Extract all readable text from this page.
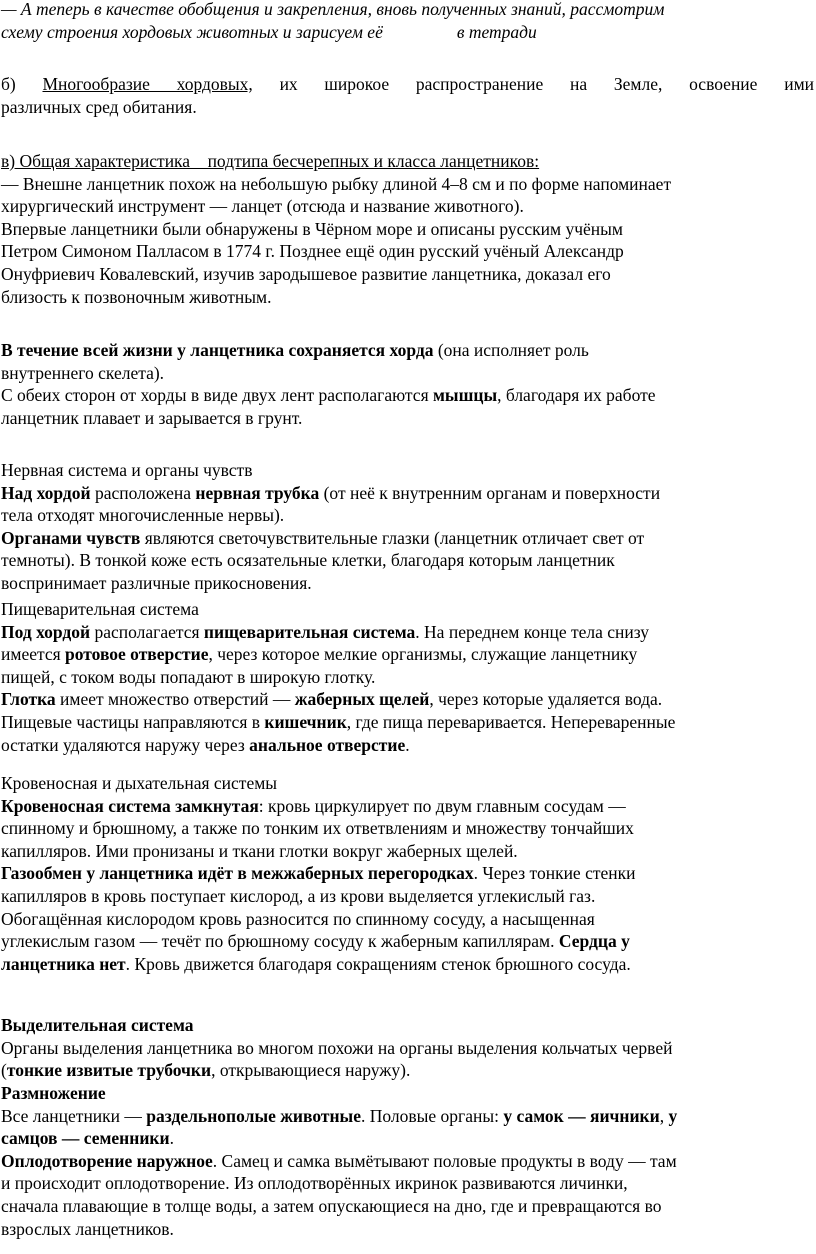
— А теперь в качестве обобщения и закрепления, вновь полученных знаний, рассмотрим
схему строения хордовых животных и зарисуем её	в тетради
б) Многообразие хордовых, их широкое распространение на Земле, освоение ими
различных сред обитания.
в) Общая характеристика    подтипа бесчерепных и класса ланцетников:
— Внешне ланцетник похож на небольшую рыбку длиной 4–8 см и по форме напоминает
хирургический инструмент — ланцет (отсюда и название животного).
Впервые ланцетники были обнаружены в Чёрном море и описаны русским учёным
Петром Симоном Палласом в 1774 г. Позднее ещё один русский учёный Александр
Онуфриевич Ковалевский, изучив зародышевое развитие ланцетника, доказал его
близость к позвоночным животным.
В течение всей жизни у ланцетника сохраняется хорда (она исполняет роль
внутреннего скелета).
С обеих сторон от хорды в виде двух лент располагаются мышцы, благодаря их работе
ланцетник плавает и зарывается в грунт.
Нервная система и органы чувств
Над хордой расположена нервная трубка (от неё к внутренним органам и поверхности
тела отходят многочисленные нервы).
Органами чувств являются светочувствительные глазки (ланцетник отличает свет от
темноты). В тонкой коже есть осязательные клетки, благодаря которым ланцетник
воспринимает различные прикосновения.
Пищеварительная система
Под хордой располагается пищеварительная система. На переднем конце тела снизу
имеется ротовое отверстие, через которое мелкие организмы, служащие ланцетнику
пищей, с током воды попадают в широкую глотку.
Глотка имеет множество отверстий — жаберных щелей, через которые удаляется вода.
Пищевые частицы направляются в кишечник, где пища переваривается. Непереваренные
остатки удаляются наружу через анальное отверстие.
Кровеносная и дыхательная системы
Кровеносная система замкнутая: кровь циркулирует по двум главным сосудам —
спинному и брюшному, а также по тонким их ответвлениям и множеству тончайших
капилляров. Ими пронизаны и ткани глотки вокруг жаберных щелей.
Газообмен у ланцетника идёт в межжаберных перегородках. Через тонкие стенки
капилляров в кровь поступает кислород, а из крови выделяется углекислый газ.
Обогащённая кислородом кровь разносится по спинному сосуду, а насыщенная
углекислым газом — течёт по брюшному сосуду к жаберным капиллярам. Сердца у
ланцетника нет. Кровь движется благодаря сокращениям стенок брюшного сосуда.
Выделительная система
Органы выделения ланцетника во многом похожи на органы выделения кольчатых червей
(тонкие извитые трубочки, открывающиеся наружу).
Размножение
Все ланцетники — раздельнополые животные. Половые органы: у самок — яичники, у
самцов — семенники.
Оплодотворение наружное. Самец и самка вымётывают половые продукты в воду — там
и происходит оплодотворение. Из оплодотворённых икринок развиваются личинки,
сначала плавающие в толще воды, а затем опускающиеся на дно, где и превращаются во
взрослых ланцетников.
